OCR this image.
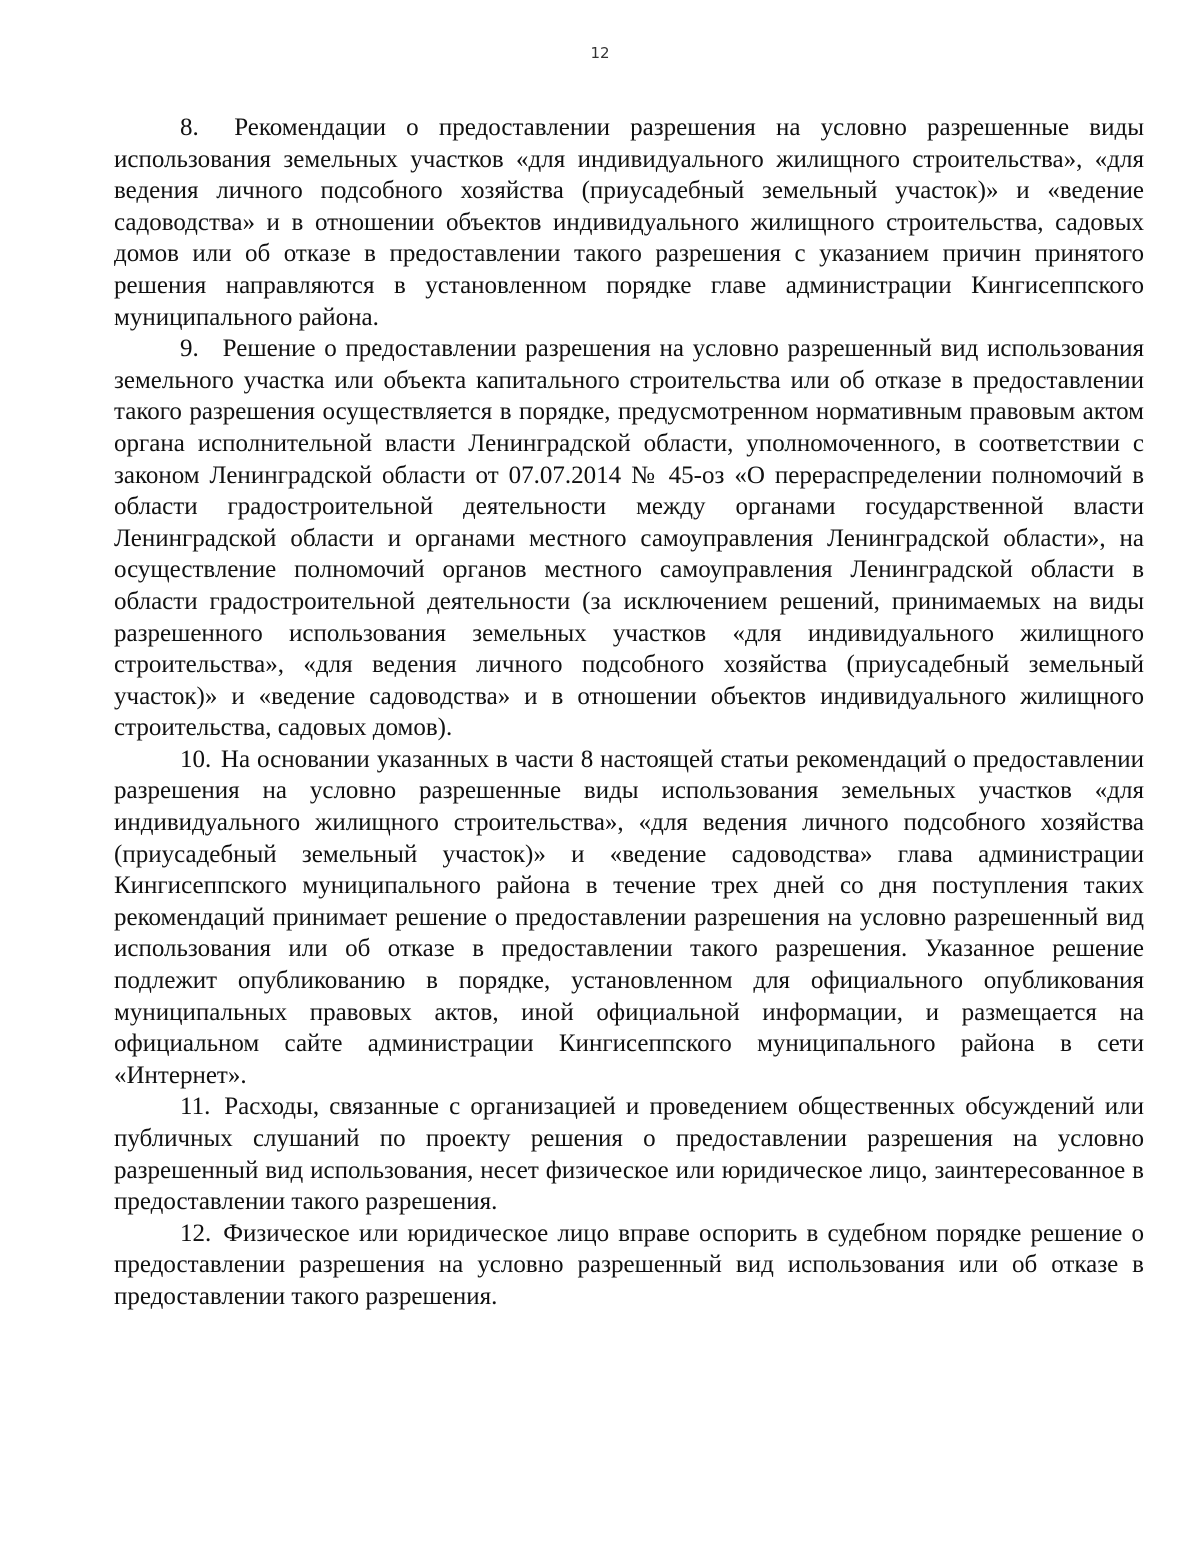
12

8. Рекомендации о предоставлении разрешения на условно разрешенные виды использования земельных участков «для индивидуального жилищного строительства», «для ведения личного подсобного хозяйства (приусадебный земельный участок)» и «ведение садоводства» и в отношении объектов индивидуального жилищного строительства, садовых домов или об отказе в предоставлении такого разрешения с указанием причин принятого решения направляются в установленном порядке главе администрации Кингисеппского муниципального района.

9. Решение о предоставлении разрешения на условно разрешенный вид использования земельного участка или объекта капитального строительства или об отказе в предоставлении такого разрешения осуществляется в порядке, предусмотренном нормативным правовым актом органа исполнительной власти Ленинградской области, уполномоченного, в соответствии с законом Ленинградской области от 07.07.2014 № 45-оз «О перераспределении полномочий в области градостроительной деятельности между органами государственной власти Ленинградской области и органами местного самоуправления Ленинградской области», на осуществление полномочий органов местного самоуправления Ленинградской области в области градостроительной деятельности (за исключением решений, принимаемых на виды разрешенного использования земельных участков «для индивидуального жилищного строительства», «для ведения личного подсобного хозяйства (приусадебный земельный участок)» и «ведение садоводства» и в отношении объектов индивидуального жилищного строительства, садовых домов).

10. На основании указанных в части 8 настоящей статьи рекомендаций о предоставлении разрешения на условно разрешенные виды использования земельных участков «для индивидуального жилищного строительства», «для ведения личного подсобного хозяйства (приусадебный земельный участок)» и «ведение садоводства» глава администрации Кингисеппского муниципального района в течение трех дней со дня поступления таких рекомендаций принимает решение о предоставлении разрешения на условно разрешенный вид использования или об отказе в предоставлении такого разрешения. Указанное решение подлежит опубликованию в порядке, установленном для официального опубликования муниципальных правовых актов, иной официальной информации, и размещается на официальном сайте администрации Кингисеппского муниципального района в сети «Интернет».

11. Расходы, связанные с организацией и проведением общественных обсуждений или публичных слушаний по проекту решения о предоставлении разрешения на условно разрешенный вид использования, несет физическое или юридическое лицо, заинтересованное в предоставлении такого разрешения.

12. Физическое или юридическое лицо вправе оспорить в судебном порядке решение о предоставлении разрешения на условно разрешенный вид использования или об отказе в предоставлении такого разрешения.
